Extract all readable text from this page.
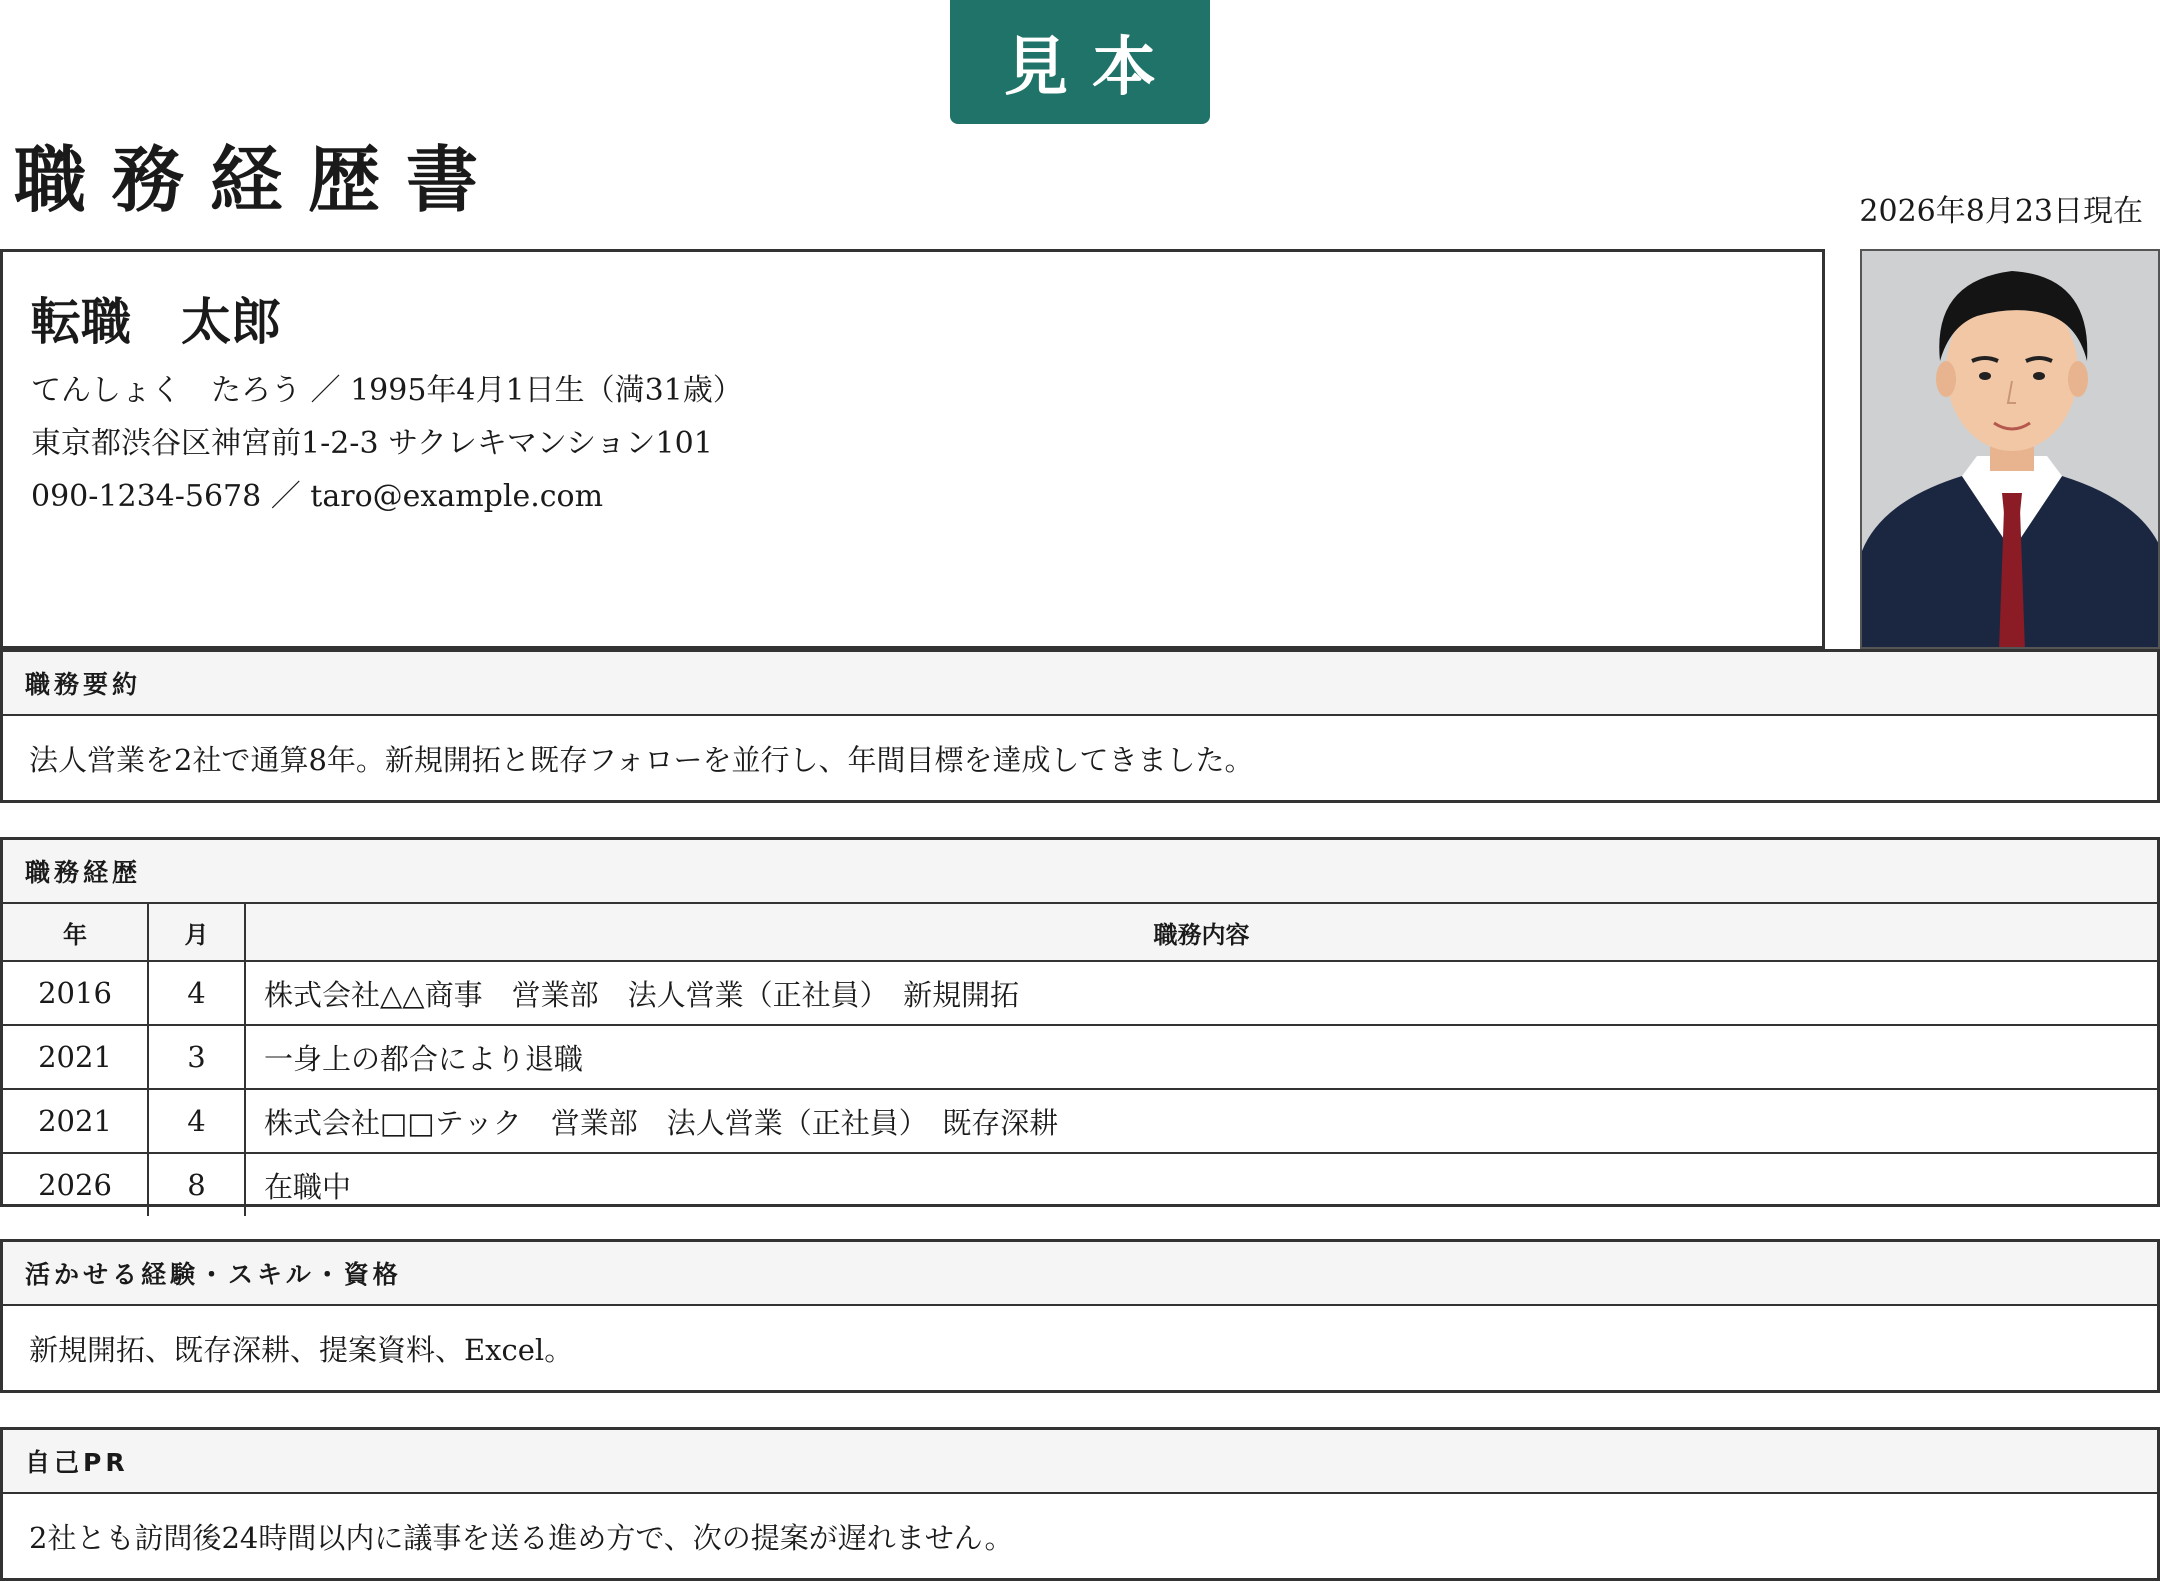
見本
職務経歴書	2026年8月23日現在
転職　太郎
てんしょく　たろう ／ 1995年4月1日生（満31歳）
東京都渋谷区神宮前1-2-3 サクレキマンション101
090-1234-5678 ／ taro@example.com
職務要約
法人営業を2社で通算8年。新規開拓と既存フォローを並行し、年間目標を達成してきました。
職務経歴
年	月	職務内容
2016	4	株式会社△△商事　営業部　法人営業（正社員）　新規開拓
2021	3	一身上の都合により退職
2021	4	株式会社□□テック　営業部　法人営業（正社員）　既存深耕
2026	8	在職中
活かせる経験・スキル・資格
新規開拓、既存深耕、提案資料、Excel。
自己PR
2社とも訪問後24時間以内に議事を送る進め方で、次の提案が遅れません。
